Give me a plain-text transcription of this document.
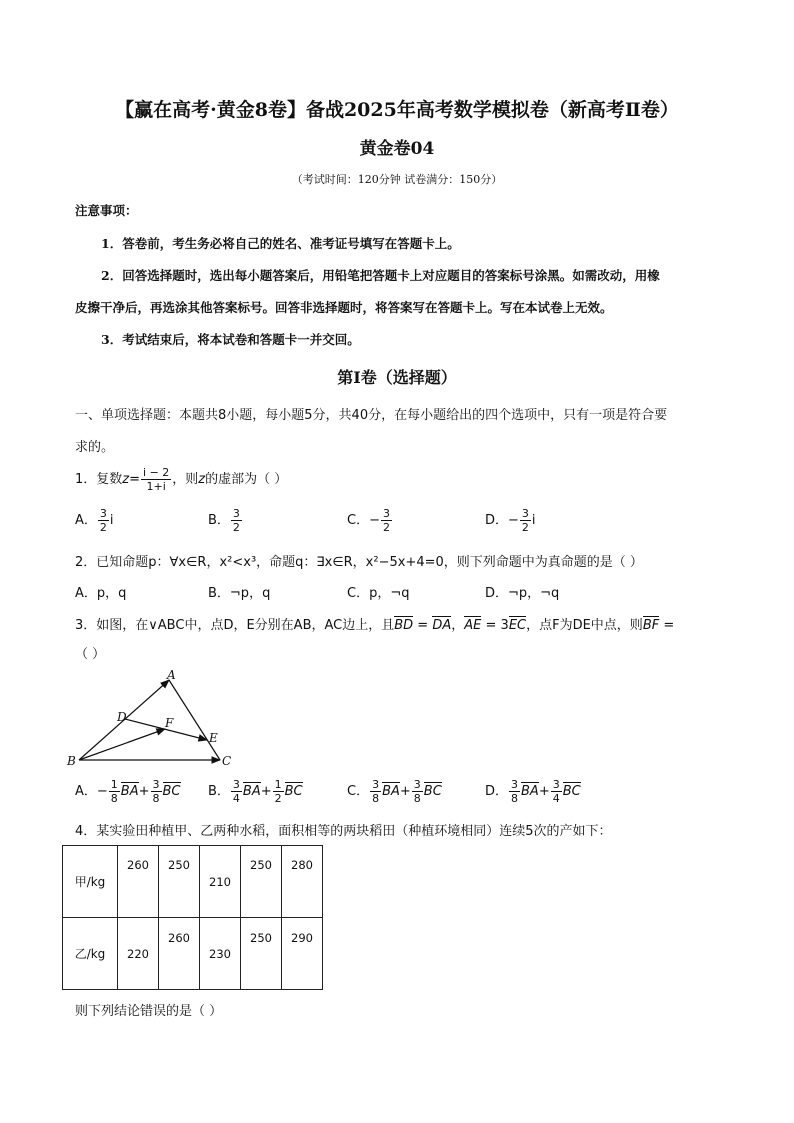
【赢在高考·黄金8卷】备战2025年高考数学模拟卷（新高考Ⅱ卷）
黄金卷04
（考试时间：120分钟 试卷满分：150分）
注意事项：
1．答卷前，考生务必将自己的姓名、准考证号填写在答题卡上。
2．回答选择题时，选出每小题答案后，用铅笔把答题卡上对应题目的答案标号涂黑。如需改动，用橡
皮擦干净后，再选涂其他答案标号。回答非选择题时，将答案写在答题卡上。写在本试卷上无效。
3．考试结束后，将本试卷和答题卡一并交回。
第Ⅰ卷（选择题）
一、单项选择题：本题共8小题，每小题5分，共40分，在每小题给出的四个选项中，只有一项是符合要
求的。
1．复数$z= \frac{i - 2}{1+i}$ ，则z的虚部为（ ）
A． $\frac{3}{2}$ i	B． $\frac{3}{2}$	C．− $\frac{3}{2}$	D．− $\frac{3}{2}$ i
2．已知命题p：∀x∈R，x²<x³，命题q：∃x∈R，x²−5x+4=0，则下列命题中为真命题的是（ ）
A．p，q	B．¬p，q	C．p，¬q	D．¬p，¬q
3．如图，在∨ABC中，点D，E分别在AB，AC边上，且BD = DA，AE = 3EC，点F为DE中点，则BF =
（ ）
A
B	C
D
E
F
A．− $\frac{1}{8} BA+ \frac{3}{8}$ BC B． $\frac{3}{4} BA+ \frac{1}{2}$ BC	C． $\frac{3}{8} BA+ \frac{3}{8}$ BC	D． $\frac{3}{8} BA+ \frac{3}{4}$ BC
4．某实验田种植甲、乙两种水稻，面积相等的两块稻田（种植环境相同）连续5次的产如下：
甲/kg	260	250	210	250	280

乙/kg	220	260	230	250	290
则下列结论错误的是（ ）
